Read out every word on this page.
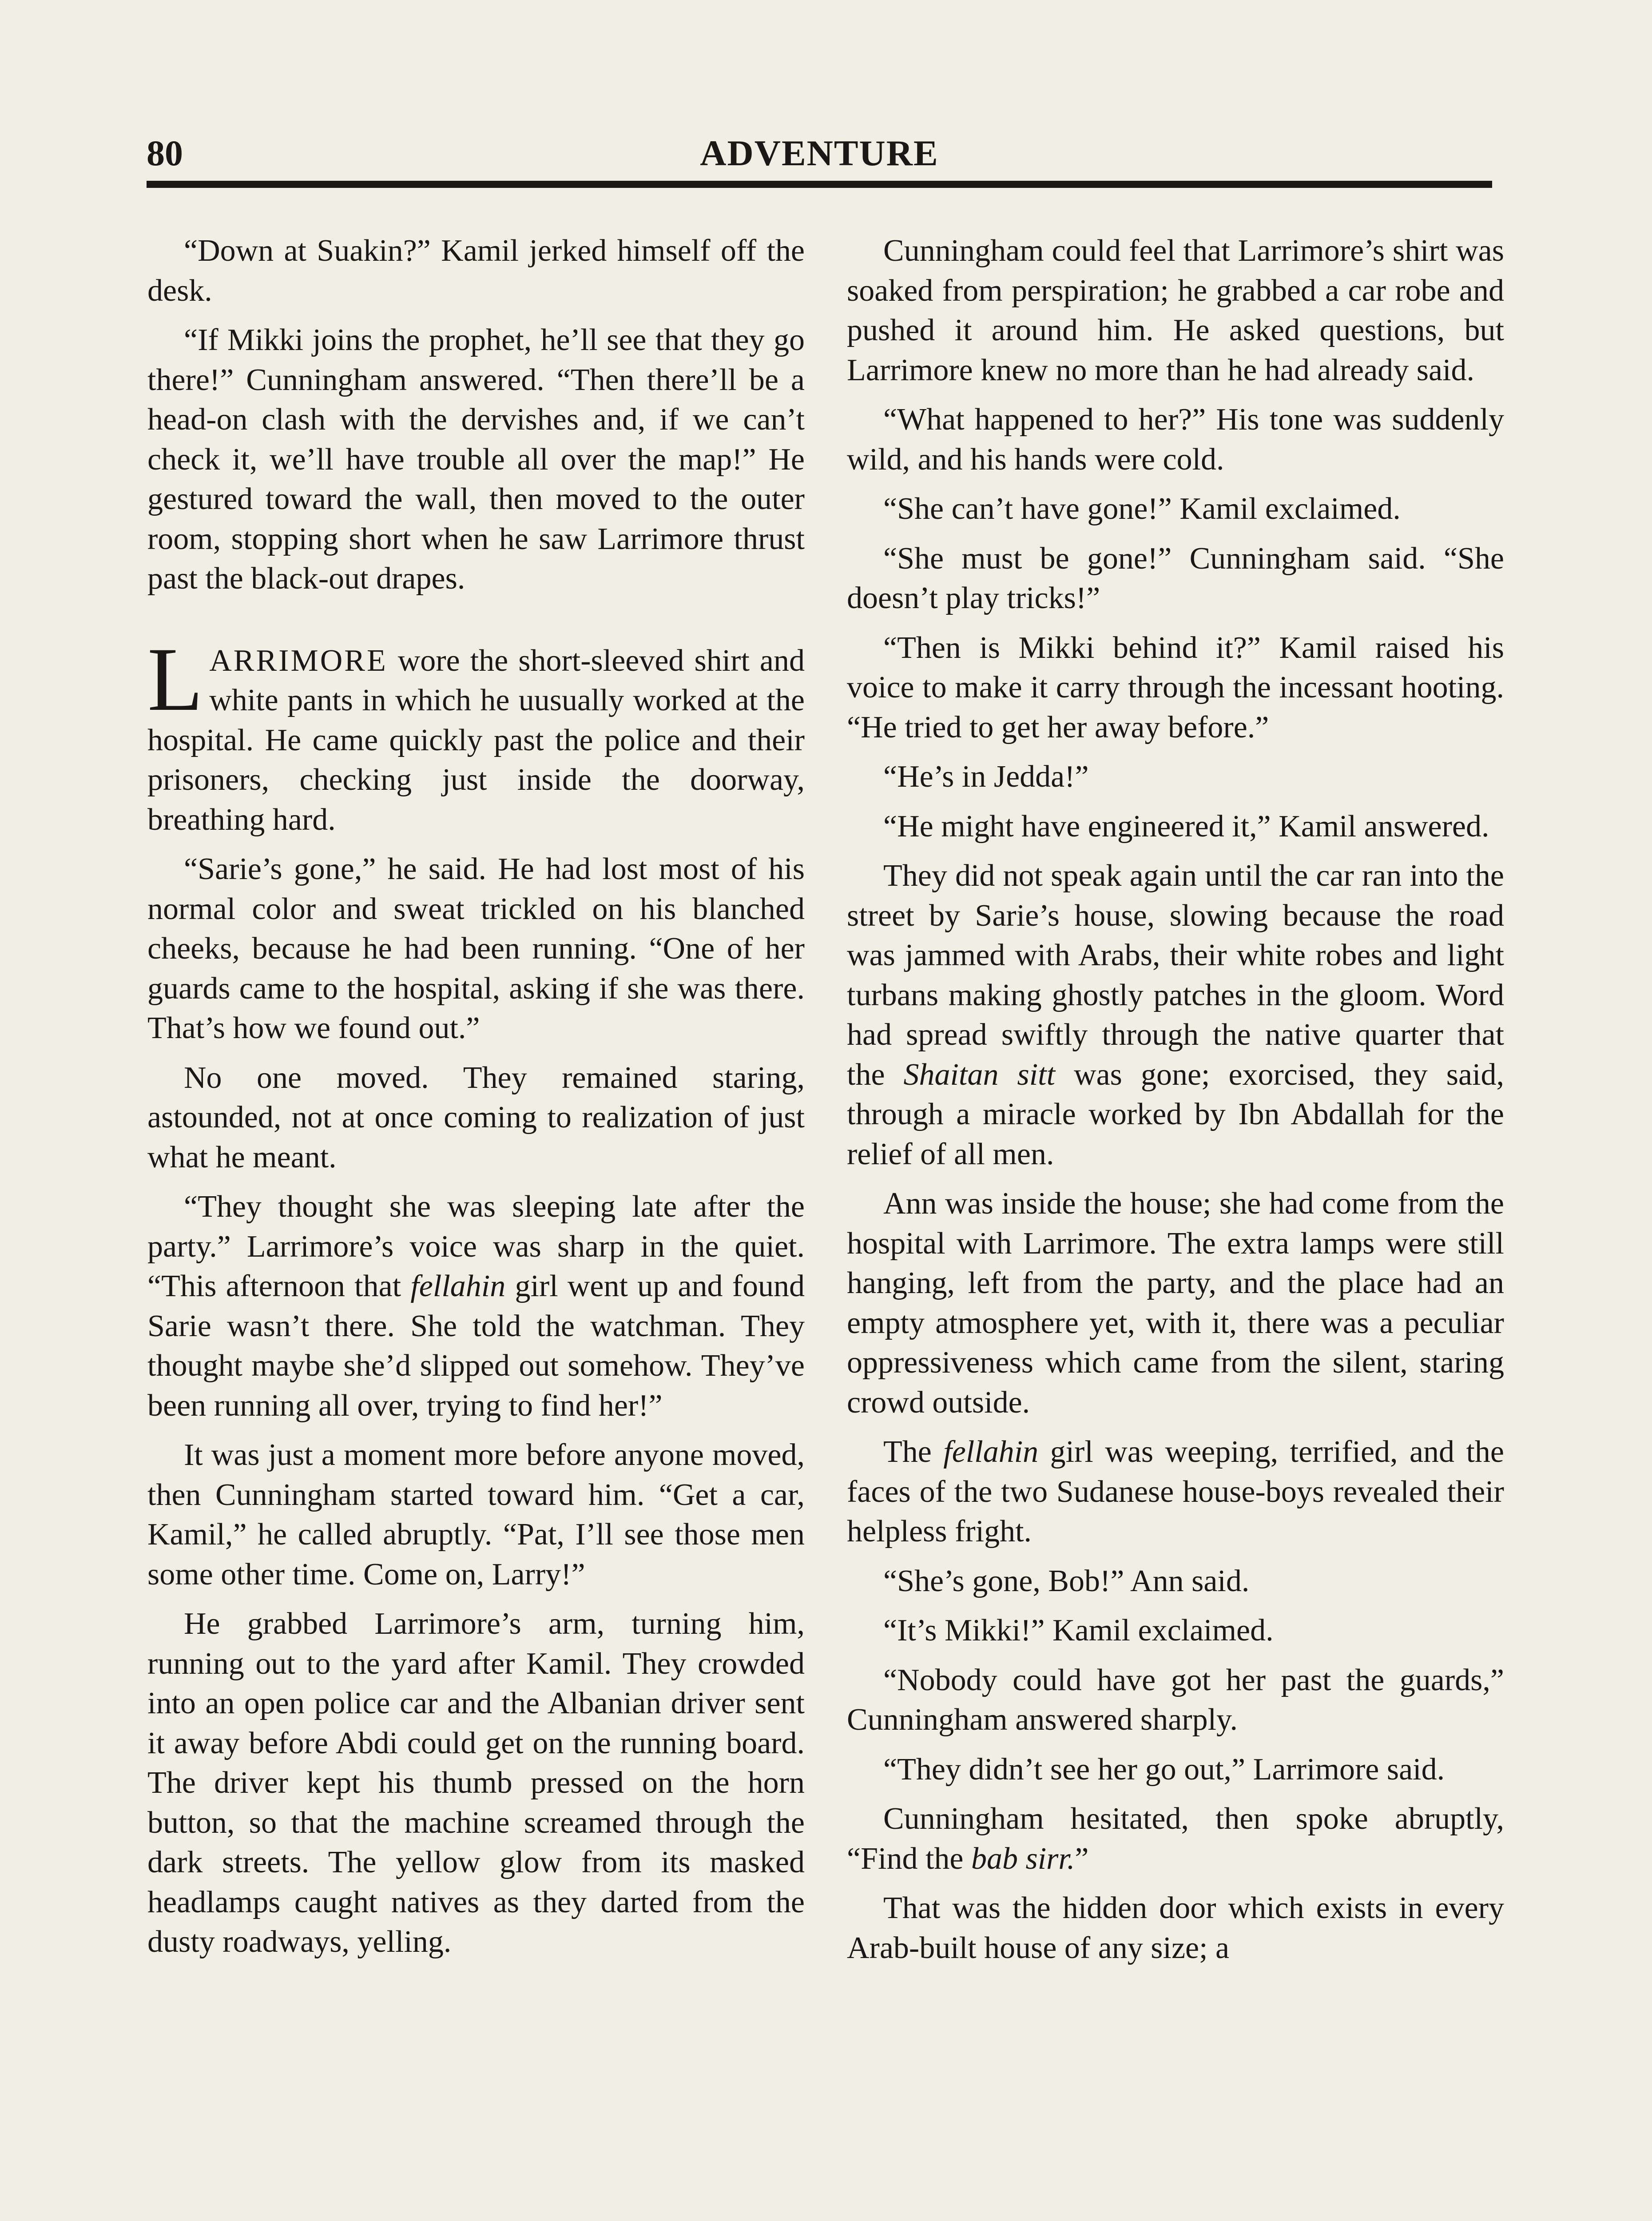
80	ADVENTURE

“Down at Suakin?” Kamil jerked himself off the desk.

“If Mikki joins the prophet, he’ll see that they go there!” Cunningham answered. “Then there’ll be a head-on clash with the dervishes and, if we can’t check it, we’ll have trouble all over the map!” He gestured toward the wall, then moved to the outer room, stopping short when he saw Larrimore thrust past the black-out drapes.

LARRIMORE wore the short-sleeved shirt and white pants in which he uusually worked at the hospital. He came quickly past the police and their prisoners, checking just inside the doorway, breathing hard.

“Sarie’s gone,” he said. He had lost most of his normal color and sweat trickled on his blanched cheeks, because he had been running. “One of her guards came to the hospital, asking if she was there. That’s how we found out.”

No one moved. They remained staring, astounded, not at once coming to realization of just what he meant.

“They thought she was sleeping late after the party.” Larrimore’s voice was sharp in the quiet. “This afternoon that fellahin girl went up and found Sarie wasn’t there. She told the watchman. They thought maybe she’d slipped out somehow. They’ve been running all over, trying to find her!”

It was just a moment more before anyone moved, then Cunningham started toward him. “Get a car, Kamil,” he called abruptly. “Pat, I’ll see those men some other time. Come on, Larry!”

He grabbed Larrimore’s arm, turning him, running out to the yard after Kamil. They crowded into an open police car and the Albanian driver sent it away before Abdi could get on the running board. The driver kept his thumb pressed on the horn button, so that the machine screamed through the dark streets. The yellow glow from its masked headlamps caught natives as they darted from the dusty roadways, yelling.

Cunningham could feel that Larrimore’s shirt was soaked from perspiration; he grabbed a car robe and pushed it around him. He asked questions, but Larrimore knew no more than he had already said.

“What happened to her?” His tone was suddenly wild, and his hands were cold.

“She can’t have gone!” Kamil exclaimed.

“She must be gone!” Cunningham said. “She doesn’t play tricks!”

“Then is Mikki behind it?” Kamil raised his voice to make it carry through the incessant hooting. “He tried to get her away before.”

“He’s in Jedda!”

“He might have engineered it,” Kamil answered.

They did not speak again until the car ran into the street by Sarie’s house, slowing because the road was jammed with Arabs, their white robes and light turbans making ghostly patches in the gloom. Word had spread swiftly through the native quarter that the Shaitan sitt was gone; exorcised, they said, through a miracle worked by Ibn Abdallah for the relief of all men.

Ann was inside the house; she had come from the hospital with Larrimore. The extra lamps were still hanging, left from the party, and the place had an empty atmosphere yet, with it, there was a peculiar oppressiveness which came from the silent, staring crowd outside.

The fellahin girl was weeping, terrified, and the faces of the two Sudanese house-boys revealed their helpless fright.

“She’s gone, Bob!” Ann said.

“It’s Mikki!” Kamil exclaimed.

“Nobody could have got her past the guards,” Cunningham answered sharply.

“They didn’t see her go out,” Larrimore said.

Cunningham hesitated, then spoke abruptly, “Find the bab sirr.”

That was the hidden door which exists in every Arab-built house of any size; a
